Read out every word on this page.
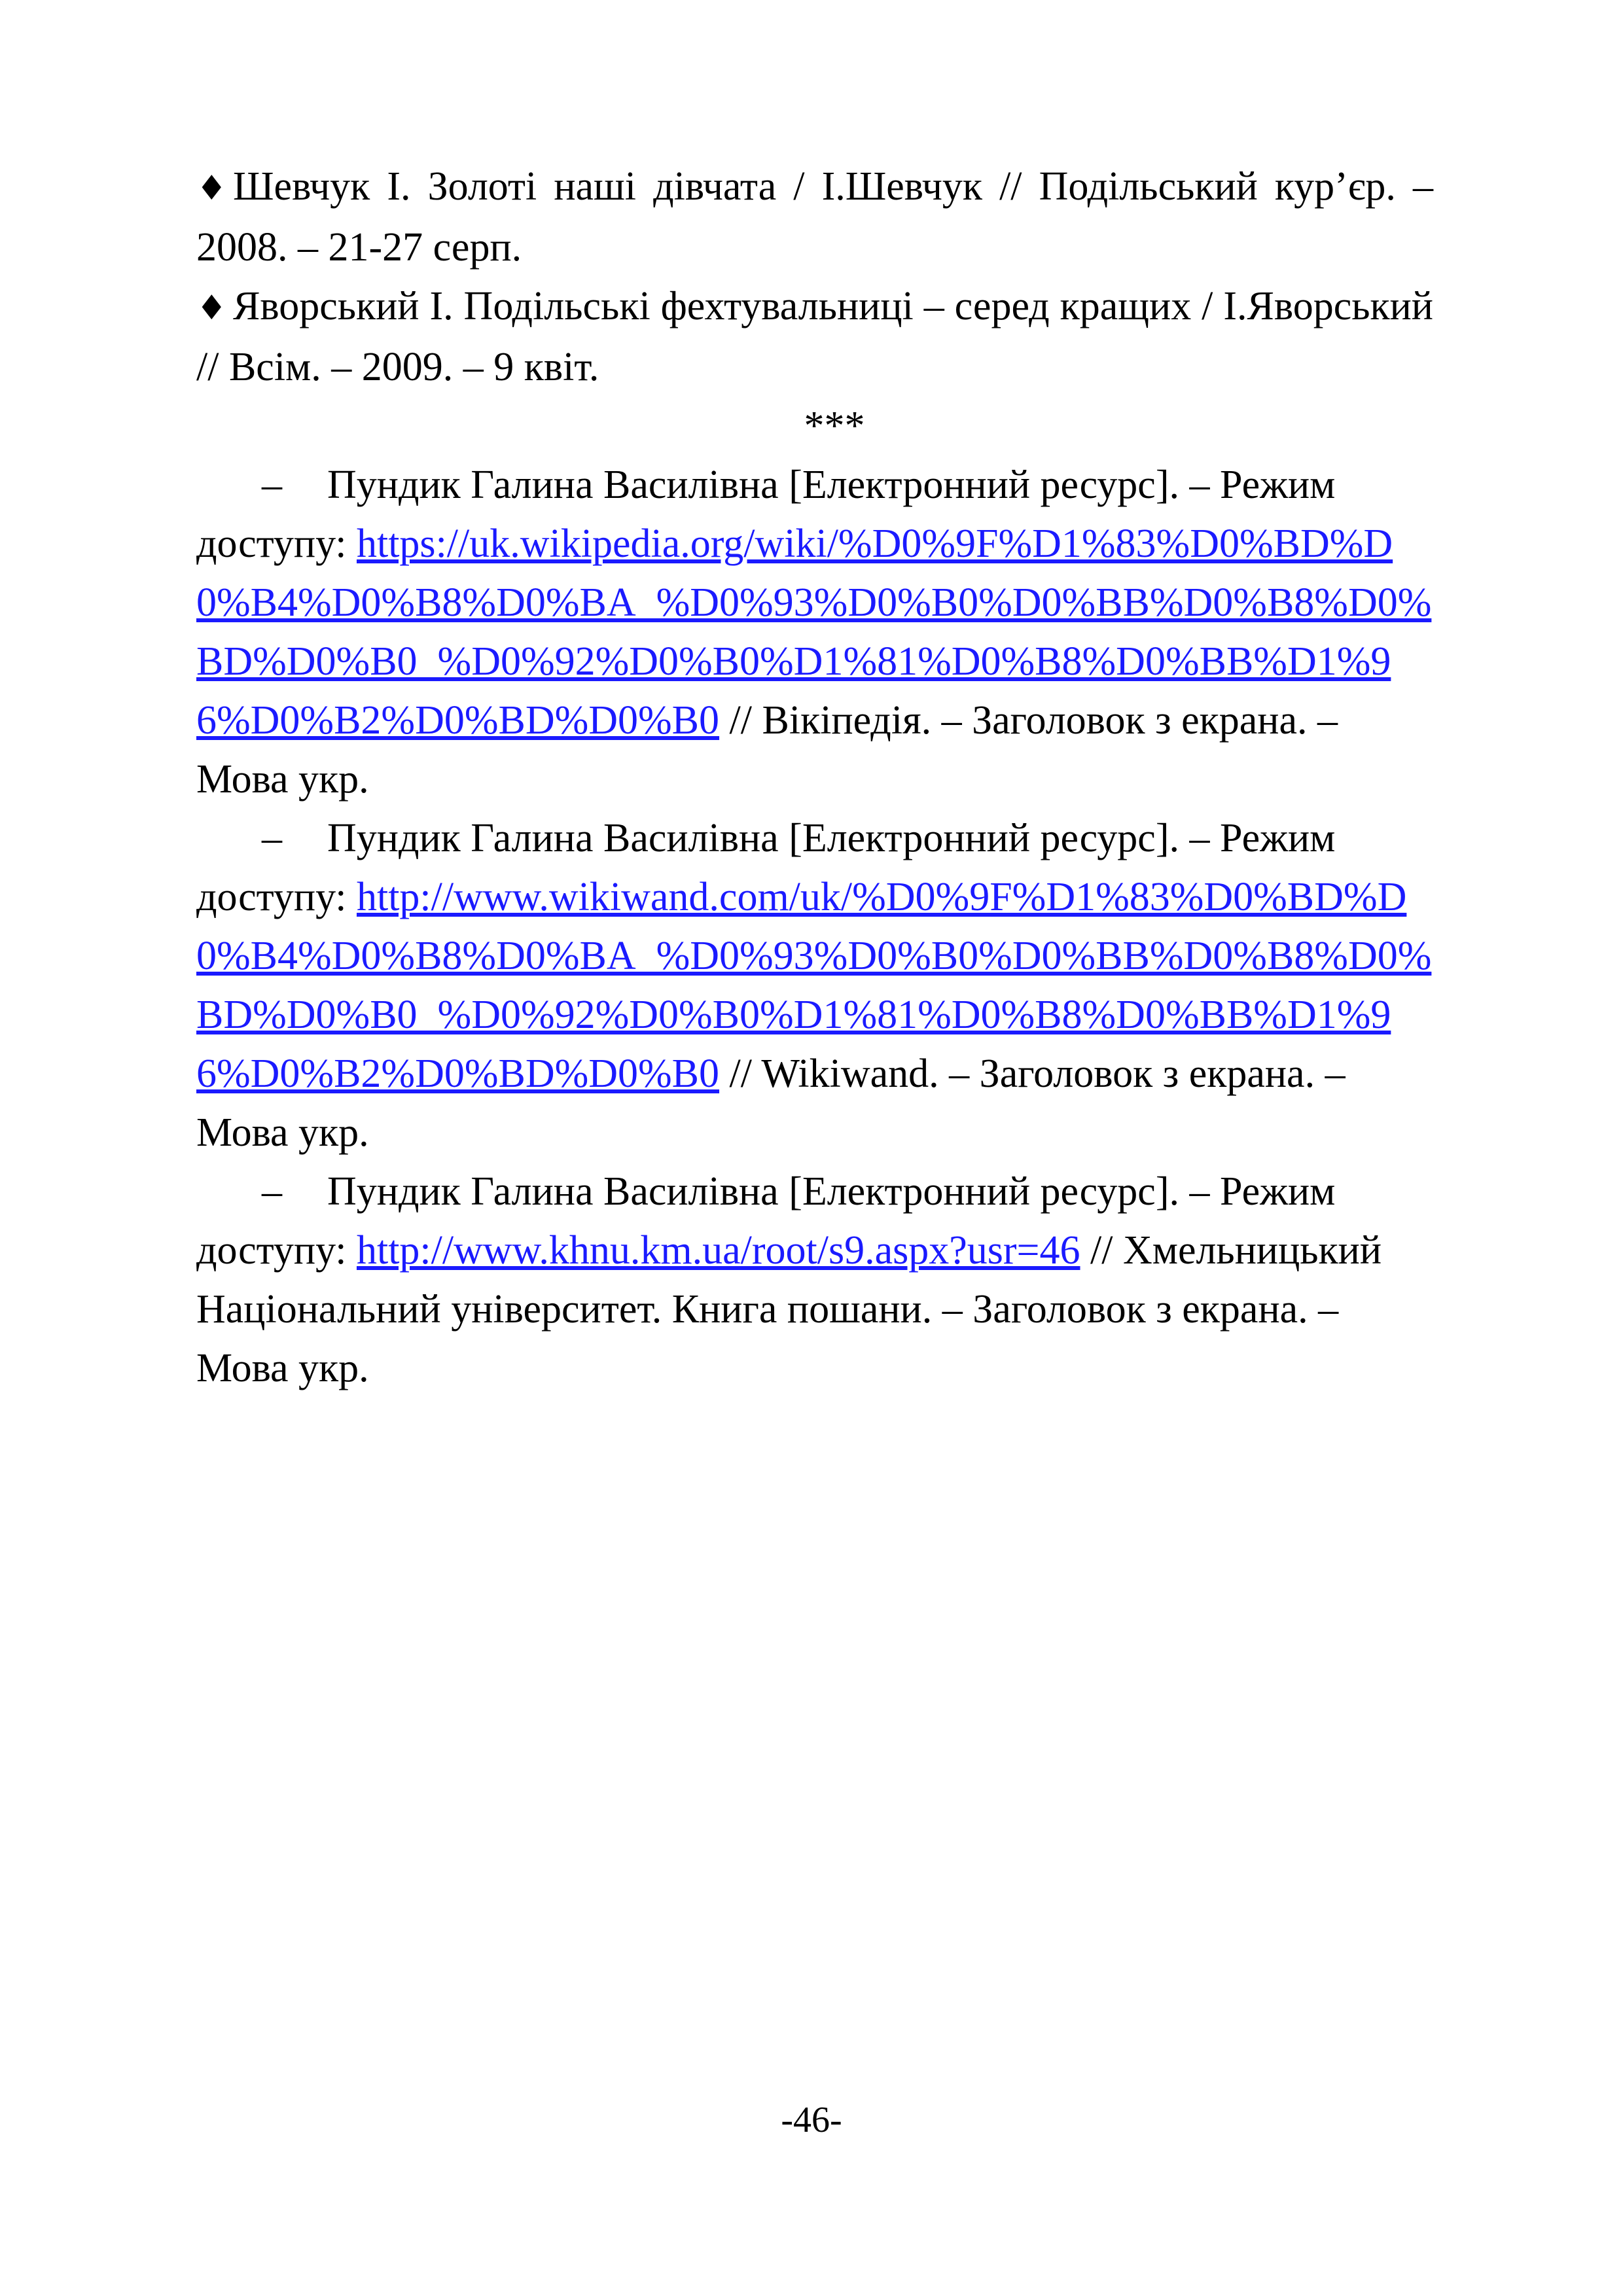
♦ Шевчук І. Золоті наші дівчата / І.Шевчук // Подільський кур’єр. – 2008. – 21-27 серп.

♦ Яворський І. Подільські фехтувальниці – серед кращих / І.Яворський // Всім. – 2009. – 9 квіт.

***

– Пундик Галина Василівна [Електронний ресурс]. – Режим доступу: https://uk.wikipedia.org/wiki/%D0%9F%D1%83%D0%BD%D0%B4%D0%B8%D0%BA_%D0%93%D0%B0%D0%BB%D0%B8%D0%BD%D0%B0_%D0%92%D0%B0%D1%81%D0%B8%D0%BB%D1%96%D0%B2%D0%BD%D0%B0 // Вікіпедія. – Заголовок з екрана. – Мова укр.

– Пундик Галина Василівна [Електронний ресурс]. – Режим доступу: http://www.wikiwand.com/uk/%D0%9F%D1%83%D0%BD%D0%B4%D0%B8%D0%BA_%D0%93%D0%B0%D0%BB%D0%B8%D0%BD%D0%B0_%D0%92%D0%B0%D1%81%D0%B8%D0%BB%D1%96%D0%B2%D0%BD%D0%B0 // Wikiwand. – Заголовок з екрана. – Мова укр.

– Пундик Галина Василівна [Електронний ресурс]. – Режим доступу: http://www.khnu.km.ua/root/s9.aspx?usr=46 // Хмельницький Національний університет. Книга пошани. – Заголовок з екрана. – Мова укр.

-46-
